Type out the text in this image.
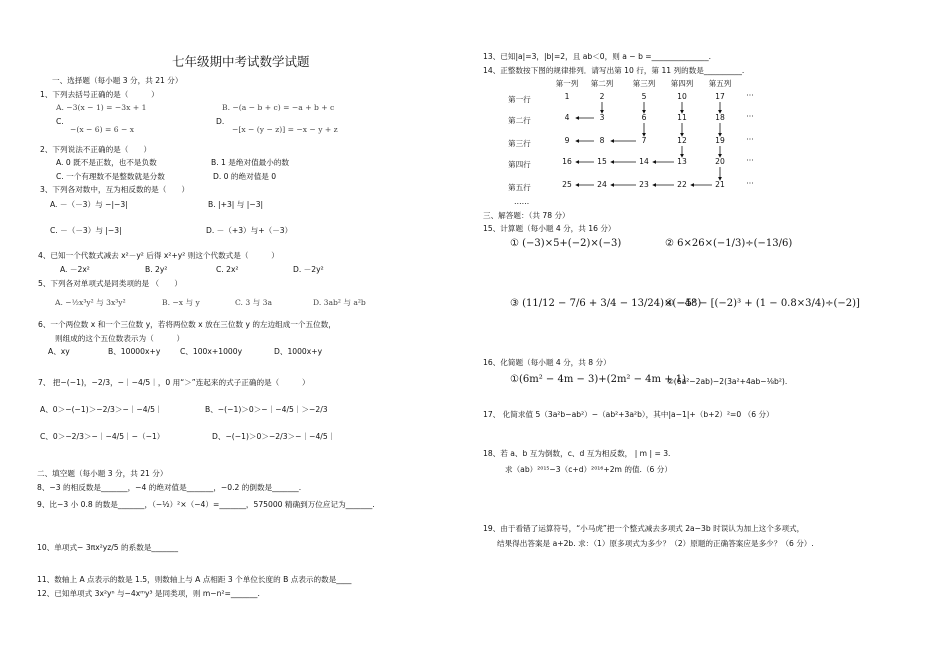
七年级期中考试数学试题
一、选择题（每小题 3 分，共 21 分）
1、下列去括号正确的是（　　　）
A. −3(x − 1) = −3x + 1	B. −(a − b + c) = −a + b + c
C.
−(x − 6) = 6 − x
D.
−[x − (y − z)] = −x − y + z
2、下列说法不正确的是（　　）
A. 0 既不是正数，也不是负数	B. 1 是绝对值最小的数
C. 一个有理数不是整数就是分数	D. 0 的绝对值是 0
3、下列各对数中，互为相反数的是（　　）
A. －（－3）与 −|−3|	B. |+3| 与 |−3|
C. －（－3）与 |−3|	D. －（+3）与+（－3）
4、已知一个代数式减去 x²－y² 后得 x²+y² 则这个代数式是（　　　）
A. －2x²	B. 2y²	C. 2x²	D. －2y²
5、下列各对单项式是同类项的是 （　　）
A. −½x³y² 与 3x³y²	B. −x 与 y	C. 3 与 3a	D. 3ab² 与 a²b
6、一个两位数 x 和一个三位数 y，若将两位数 x 放在三位数 y 的左边组成一个五位数，
则组成的这个五位数表示为（　　　）
A、xy	B、10000x+y	C、100x+1000y	D、1000x+y
7、 把−(−1)，−2/3，−｜−4/5｜，0 用“＞”连起来的式子正确的是（　　　）
A、0＞−(−1)＞−2/3＞−｜−4/5｜	B、−(−1)＞0＞−｜−4/5｜＞−2/3
C、0＞−2/3＞−｜−4/5｜−（−1）	D、−(−1)＞0＞−2/3＞−｜−4/5｜
二、填空题（每小题 3 分，共 21 分）
8、−3 的相反数是_______，−4 的绝对值是_______，−0.2 的倒数是_______.
9、比−3 小 0.8 的数是_______，（−½）²×（−4）=_______，575000 精确到万位应记为_______.
10、单项式− 3πx²yz/5 的系数是_______
11、数轴上 A 点表示的数是 1.5，则数轴上与 A 点相距 3 个单位长度的 B 点表示的数是____
12、已知单项式 3x²yⁿ 与−4xᵐy³ 是同类项，则 m−n²=_______.
13、已知|a|=3，|b|=2，且 ab＜0，则 a − b =_______________.
14、正整数按下图的规律排列．请写出第 10 行，第 11 列的数是__________.
第一列 第二列	第三列 第四列 第五列
第一行
第二行
第三行
第四行
第五行
1	2	5	10	17	···
4	3	6	11	18	···
9	8	7	12	19	···
16	15	14	13	20	···
25	24	23	22	21	···
……
三、解答题：（共 78 分）
15、计算题（每小题 4 分，共 16 分）
① (−3)×5+(−2)×(−3)	② 6×26×(−1/3)÷(−13/6)
③ (11/12 − 7/6 + 3/4 − 13/24)×(−48)
④ −5² − [(−2)³ + (1 − 0.8×3/4)÷(−2)]
16、化简题（每小题 4 分，共 8 分）
①(6m² − 4m − 3)+(2m² − 4m + 1)
②(6a²−2ab)−2(3a²+4ab−⅛b²).
17、 化简求值 5（3a²b−ab²）−（ab²+3a²b），其中|a−1|+（b+2）²=0 （6 分）
18、若 a、b 互为倒数，c、d 互为相反数， | m | = 3.
求（ab）²⁰¹⁵−3（c+d）²⁰¹⁶+2m 的值.（6 分）
19、由于看错了运算符号，“小马虎”把一个整式减去多项式 2a−3b 时误认为加上这个多项式，
结果得出答案是 a+2b. 求：（1）原多项式为多少？（2）原题的正确答案应是多少？（6 分）.
